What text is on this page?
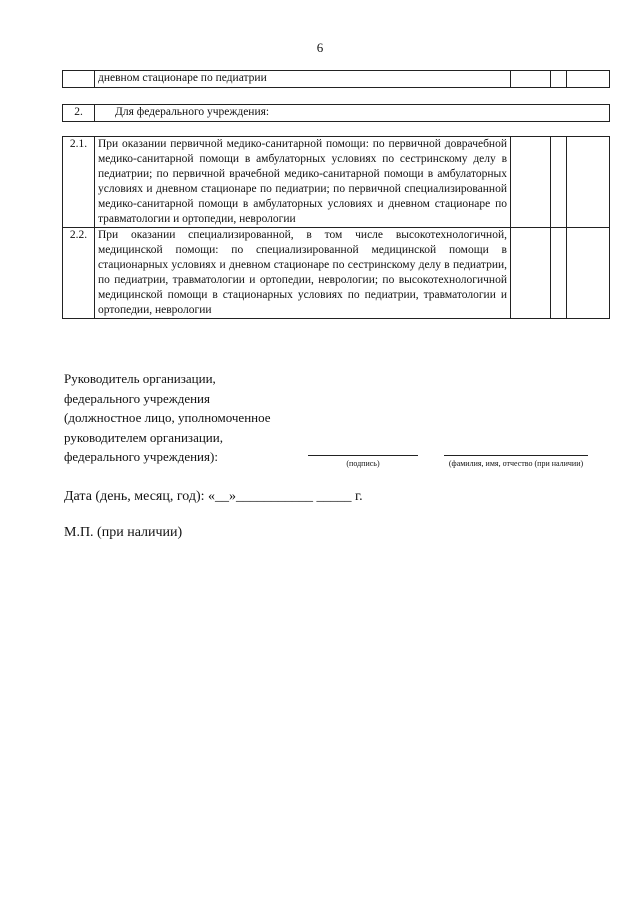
6
	дневном стационаре по педиатрии			
2.	Для федерального учреждения:
2.1.	При оказании первичной медико-санитарной помощи: по первичной доврачебной медико-санитарной помощи в амбулаторных условиях по сестринскому делу в педиатрии; по первичной врачебной медико-санитарной помощи в амбулаторных условиях и дневном стационаре по педиатрии; по первичной специализированной медико-санитарной помощи в амбулаторных условиях и дневном стационаре по травматологии и ортопедии, неврологии			
2.2.	При оказании специализированной, в том числе высокотехнологичной, медицинской помощи: по специализированной медицинской помощи в стационарных условиях и дневном стационаре по сестринскому делу в педиатрии, по педиатрии, травматологии и ортопедии, неврологии; по высокотехнологичной медицинской помощи в стационарных условиях по педиатрии, травматологии и ортопедии, неврологии			
Руководитель организации,
федерального учреждения
(должностное лицо, уполномоченное
руководителем организации,
федерального учреждения):	(подпись)	(фамилия, имя, отчество (при наличии)
Дата (день, месяц, год): «__»___________ _____ г.
М.П. (при наличии)
